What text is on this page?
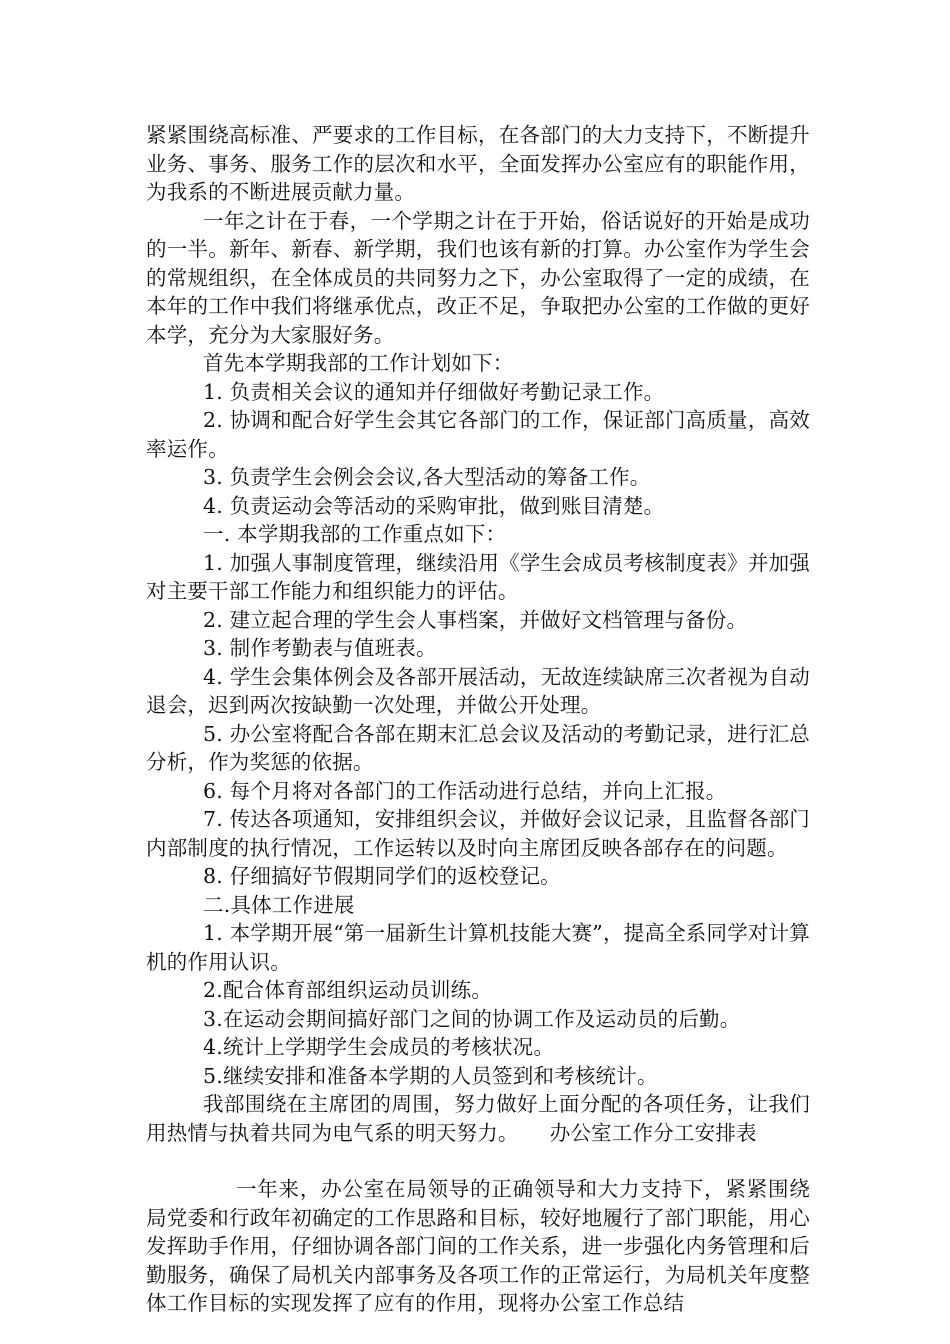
紧紧围绕高标准、严要求的工作目标，在各部门的大力支持下，不断提升业务、事务、服务工作的层次和水平，全面发挥办公室应有的职能作用，为我系的不断进展贡献力量。

一年之计在于春，一个学期之计在于开始，俗话说好的开始是成功的一半。新年、新春、新学期，我们也该有新的打算。办公室作为学生会的常规组织，在全体成员的共同努力之下，办公室取得了一定的成绩，在本年的工作中我们将继承优点，改正不足，争取把办公室的工作做的更好本学，充分为大家服好务。

首先本学期我部的工作计划如下：

1. 负责相关会议的通知并仔细做好考勤记录工作。

2. 协调和配合好学生会其它各部门的工作，保证部门高质量，高效率运作。

3. 负责学生会例会会议,各大型活动的筹备工作。

4. 负责运动会等活动的采购审批，做到账目清楚。

一. 本学期我部的工作重点如下：

1. 加强人事制度管理，继续沿用《学生会成员考核制度表》并加强对主要干部工作能力和组织能力的评估。

2. 建立起合理的学生会人事档案，并做好文档管理与备份。

3. 制作考勤表与值班表。

4. 学生会集体例会及各部开展活动，无故连续缺席三次者视为自动退会，迟到两次按缺勤一次处理，并做公开处理。

5. 办公室将配合各部在期末汇总会议及活动的考勤记录，进行汇总分析，作为奖惩的依据。

6. 每个月将对各部门的工作活动进行总结，并向上汇报。

7. 传达各项通知，安排组织会议，并做好会议记录，且监督各部门内部制度的执行情况，工作运转以及时向主席团反映各部存在的问题。

8. 仔细搞好节假期同学们的返校登记。

二.具体工作进展

1. 本学期开展“第一届新生计算机技能大赛”，提高全系同学对计算机的作用认识。

2.配合体育部组织运动员训练。

3.在运动会期间搞好部门之间的协调工作及运动员的后勤。

4.统计上学期学生会成员的考核状况。

5.继续安排和准备本学期的人员签到和考核统计。

我部围绕在主席团的周围，努力做好上面分配的各项任务，让我们用热情与执着共同为电气系的明天努力。　　办公室工作分工安排表

一年来，办公室在局领导的正确领导和大力支持下，紧紧围绕局党委和行政年初确定的工作思路和目标，较好地履行了部门职能，用心发挥助手作用，仔细协调各部门间的工作关系，进一步强化内务管理和后勤服务，确保了局机关内部事务及各项工作的正常运行，为局机关年度整体工作目标的实现发挥了应有的作用，现将办公室工作总结
